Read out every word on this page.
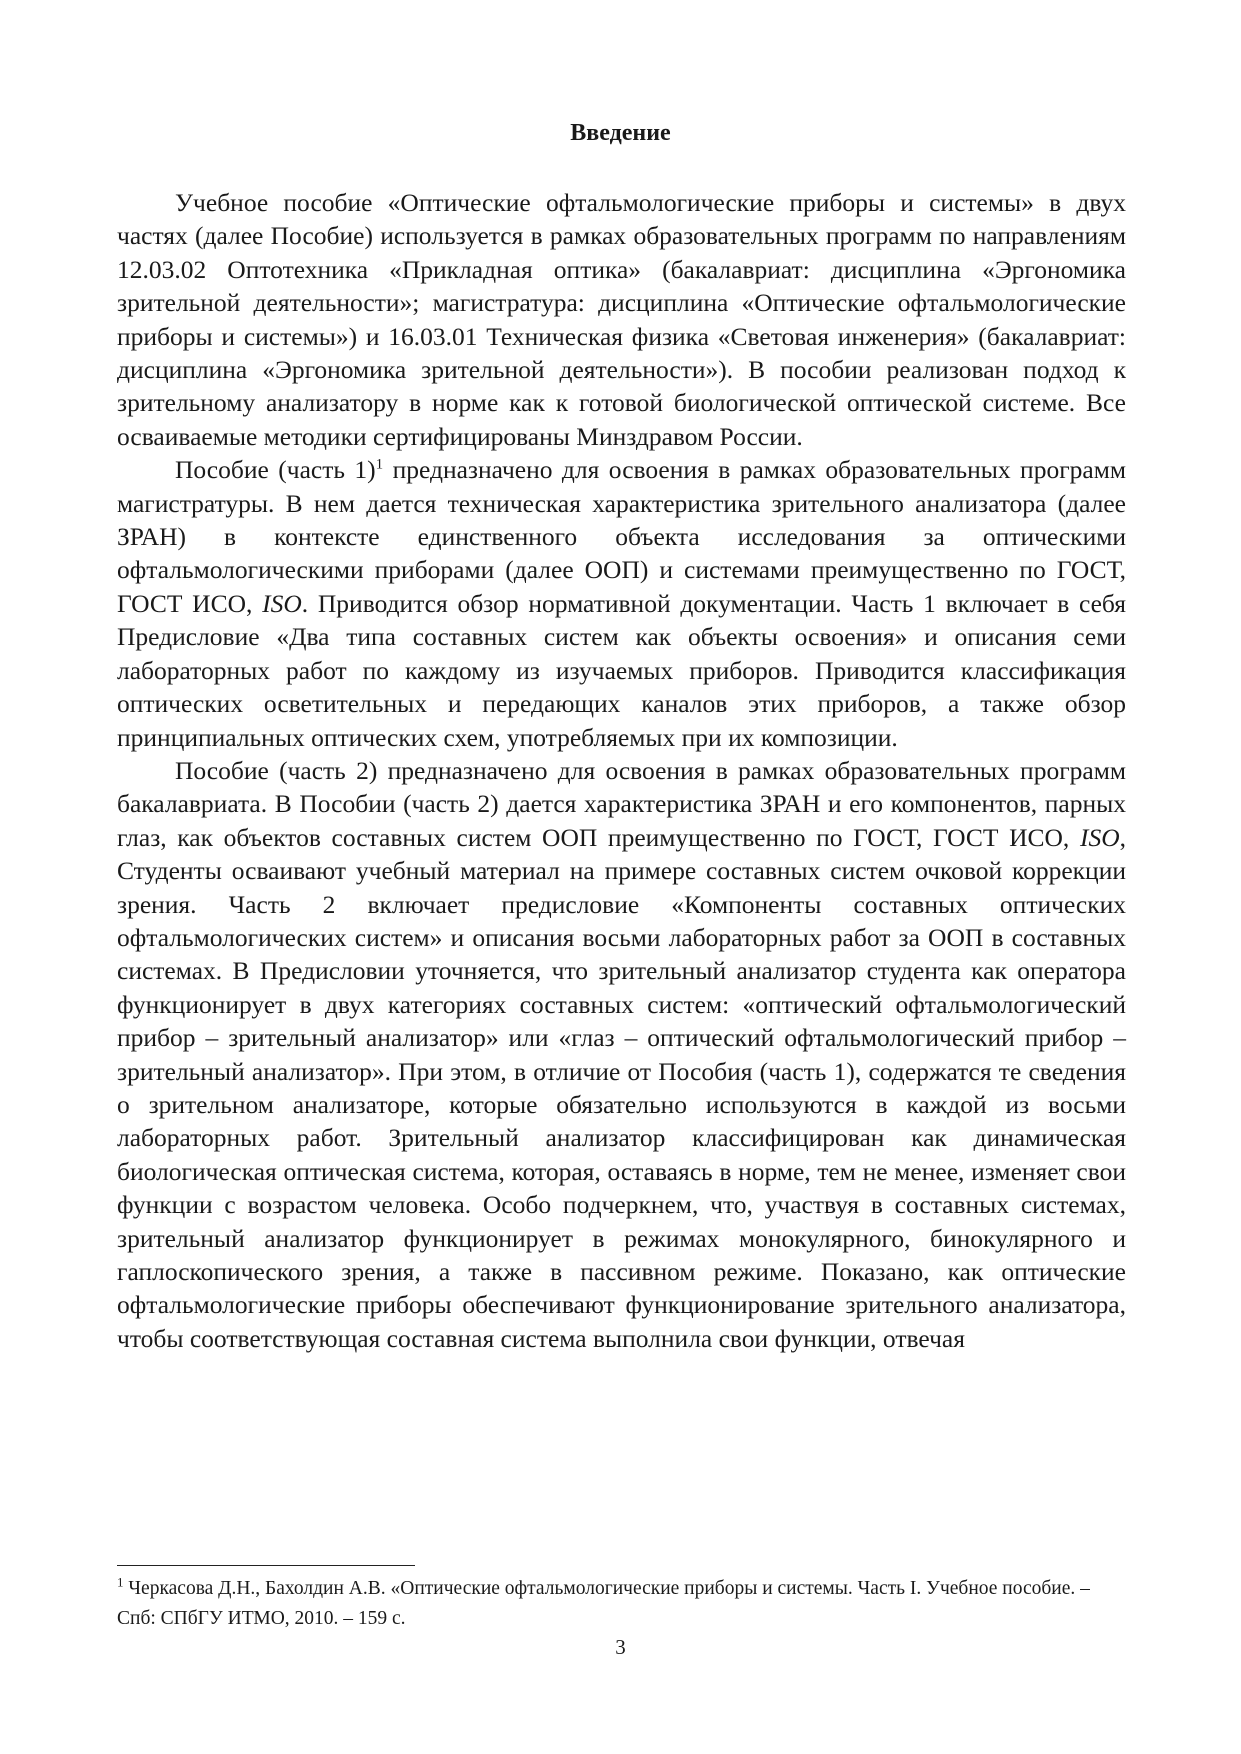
Введение

Учебное пособие «Оптические офтальмологические приборы и системы» в двух частях (далее Пособие) используется в рамках образовательных программ по направлениям 12.03.02 Оптотехника «Прикладная оптика» (бакалавриат: дисциплина «Эргономика зрительной деятельности»; магистратура: дисциплина «Оптические офтальмологические приборы и системы») и 16.03.01 Техническая физика «Световая инженерия» (бакалавриат: дисциплина «Эргономика зрительной деятельности»). В пособии реализован подход к зрительному анализатору в норме как к готовой биологической оптической системе. Все осваиваемые методики сертифицированы Минздравом России.

Пособие (часть 1)$^1$ предназначено для освоения в рамках образовательных программ магистратуры. В нем дается техническая характеристика зрительного анализатора (далее ЗРАН) в контексте единственного объекта исследования за оптическими офтальмологическими приборами (далее ООП) и системами преимущественно по ГОСТ, ГОСТ ИСО, ISO. Приводится обзор нормативной документации. Часть 1 включает в себя Предисловие «Два типа составных систем как объекты освоения» и описания семи лабораторных работ по каждому из изучаемых приборов. Приводится классификация оптических осветительных и передающих каналов этих приборов, а также обзор принципиальных оптических схем, употребляемых при их композиции.

Пособие (часть 2) предназначено для освоения в рамках образовательных программ бакалавриата. В Пособии (часть 2) дается характеристика ЗРАН и его компонентов, парных глаз, как объектов составных систем ООП преимущественно по ГОСТ, ГОСТ ИСО, ISO, Студенты осваивают учебный материал на примере составных систем очковой коррекции зрения. Часть 2 включает предисловие «Компоненты составных оптических офтальмологических систем» и описания восьми лабораторных работ за ООП в составных системах. В Предисловии уточняется, что зрительный анализатор студента как оператора функционирует в двух категориях составных систем: «оптический офтальмологический прибор – зрительный анализатор» или «глаз – оптический офтальмологический прибор – зрительный анализатор». При этом, в отличие от Пособия (часть 1), содержатся те сведения о зрительном анализаторе, которые обязательно используются в каждой из восьми лабораторных работ. Зрительный анализатор классифицирован как динамическая биологическая оптическая система, которая, оставаясь в норме, тем не менее, изменяет свои функции с возрастом человека. Особо подчеркнем, что, участвуя в составных системах, зрительный анализатор функционирует в режимах монокулярного, бинокулярного и гаплоскопического зрения, а также в пассивном режиме. Показано, как оптические офтальмологические приборы обеспечивают функционирование зрительного анализатора, чтобы соответствующая составная система выполнила свои функции, отвечая

$^1$ Черкасова Д.Н., Бахолдин А.В. «Оптические офтальмологические приборы и системы. Часть I. Учебное пособие. – Спб: СПбГУ ИТМО, 2010. – 159 с.
3
